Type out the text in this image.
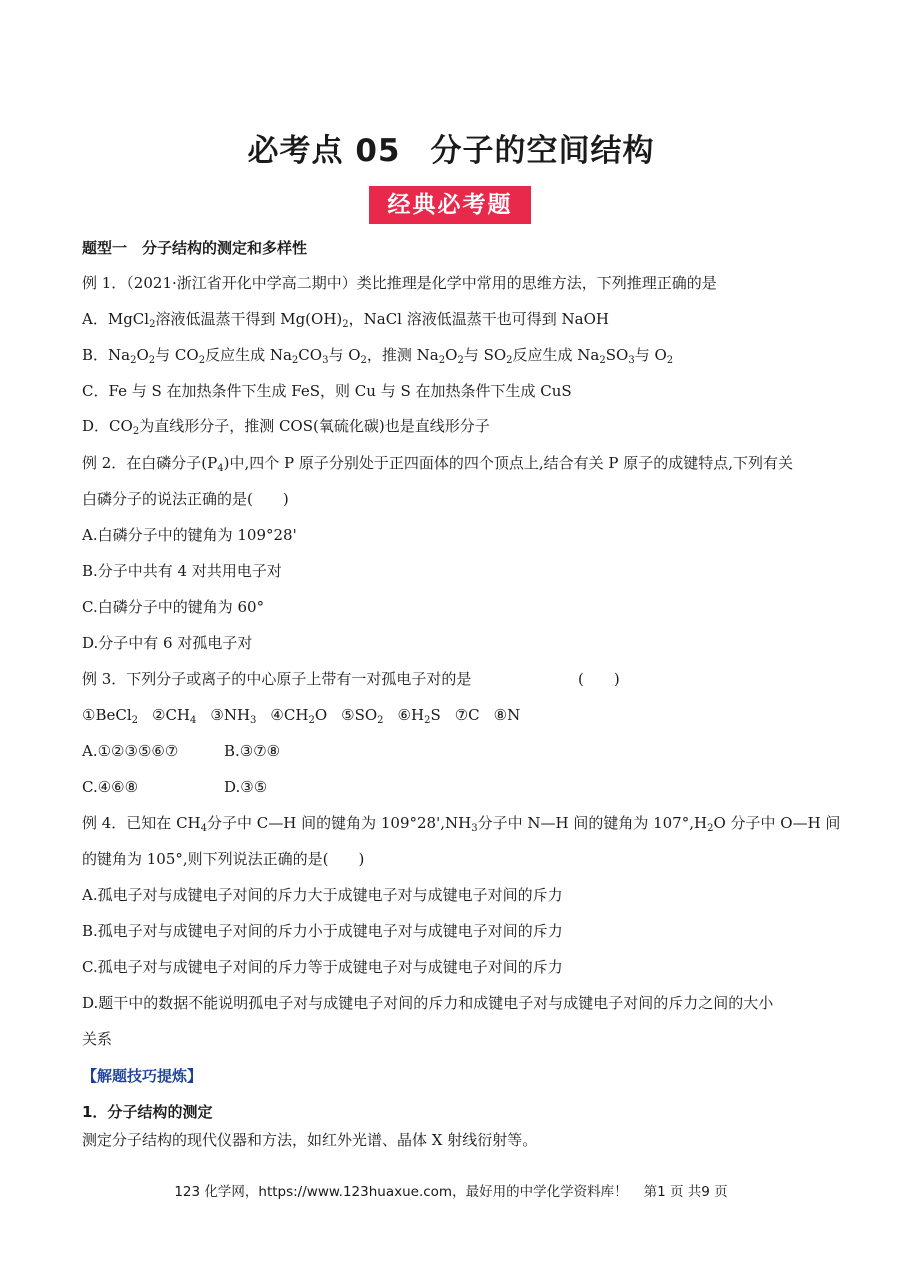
必考点 05 分子的空间结构
经典必考题
题型一　分子结构的测定和多样性
例 1．（2021·浙江省开化中学高二期中）类比推理是化学中常用的思维方法，下列推理正确的是
A．MgCl$_2$溶液低温蒸干得到 $Mg(OH)_2$，NaCl 溶液低温蒸干也可得到 NaOH
B．$Na_2O_2$与 $CO_2$反应生成 $Na_2CO_3$与 $O_2$，推测 $Na_2O_2$与 $SO_2$反应生成 $Na_2SO_3$与 $O_2$
C．Fe 与 S 在加热条件下生成 FeS，则 Cu 与 S 在加热条件下生成 CuS
D．$CO_2$为直线形分子，推测 COS(氧硫化碳)也是直线形分子
例 2．在白磷分子$(P_4)$中,四个 P 原子分别处于正四面体的四个顶点上,结合有关 P 原子的成键特点,下列有关
白磷分子的说法正确的是(　　)
A.白磷分子中的键角为 109°28'
B.分子中共有 4 对共用电子对
C.白磷分子中的键角为 60°
D.分子中有 6 对孤电子对
例 3．下列分子或离子的中心原子上带有一对孤电子对的是	(　　)
①BeCl$_2$ $②CH_4$ $③NH_3$ $④CH_2O$ $⑤SO_2$ $⑥H_2S$ ⑦C ⑧N
A.①②③⑤⑥⑦	B.③⑦⑧
C.④⑥⑧	D.③⑤
例 4．已知在 $CH_4$分子中 C—H 间的键角为 $109^\circ 28',NH_3$分子中 N—H 间的键角为 $107^\circ,H_2O$ 分子中 O—H 间
的键角为 105°,则下列说法正确的是(　　)
A.孤电子对与成键电子对间的斥力大于成键电子对与成键电子对间的斥力
B.孤电子对与成键电子对间的斥力小于成键电子对与成键电子对间的斥力
C.孤电子对与成键电子对间的斥力等于成键电子对与成键电子对间的斥力
D.题干中的数据不能说明孤电子对与成键电子对间的斥力和成键电子对与成键电子对间的斥力之间的大小
关系
【解题技巧提炼】
1．分子结构的测定
测定分子结构的现代仪器和方法，如红外光谱、晶体 X 射线衍射等。
123 化学网，https://www.123huaxue.com，最好用的中学化学资料库！ 第1 页 共9 页
